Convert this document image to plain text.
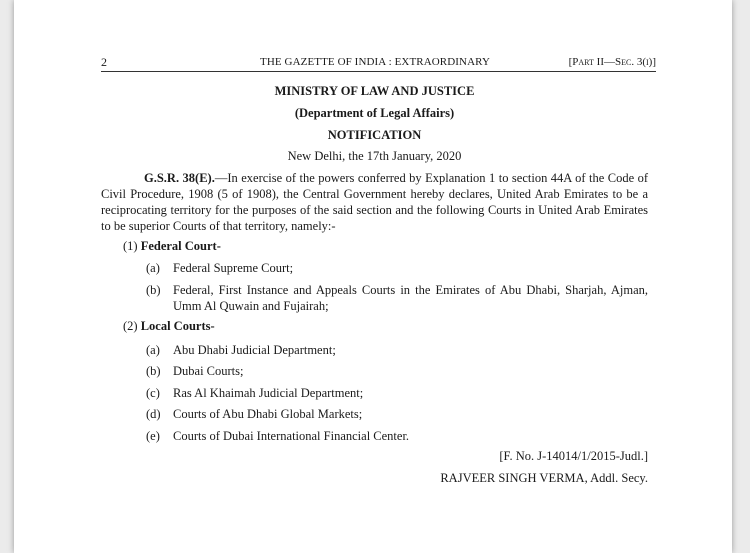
2	THE GAZETTE OF INDIA : EXTRAORDINARY	[Part II—Sec. 3(i)]
MINISTRY OF LAW AND JUSTICE
(Department of Legal Affairs)
NOTIFICATION
New Delhi, the 17th January, 2020
G.S.R. 38(E).—In exercise of the powers conferred by Explanation 1 to section 44A of the Code of Civil Procedure, 1908 (5 of 1908), the Central Government hereby declares, United Arab Emirates to be a reciprocating territory for the purposes of the said section and the following Courts in United Arab Emirates to be superior Courts of that territory, namely:-
(1) Federal Court-
(a) Federal Supreme Court;
(b) Federal, First Instance and Appeals Courts in the Emirates of Abu Dhabi, Sharjah, Ajman, Umm Al Quwain and Fujairah;
(2) Local Courts-
(a) Abu Dhabi Judicial Department;
(b) Dubai Courts;
(c) Ras Al Khaimah Judicial Department;
(d) Courts of Abu Dhabi Global Markets;
(e) Courts of Dubai International Financial Center.
[F. No. J-14014/1/2015-Judl.]
RAJVEER SINGH VERMA, Addl. Secy.
